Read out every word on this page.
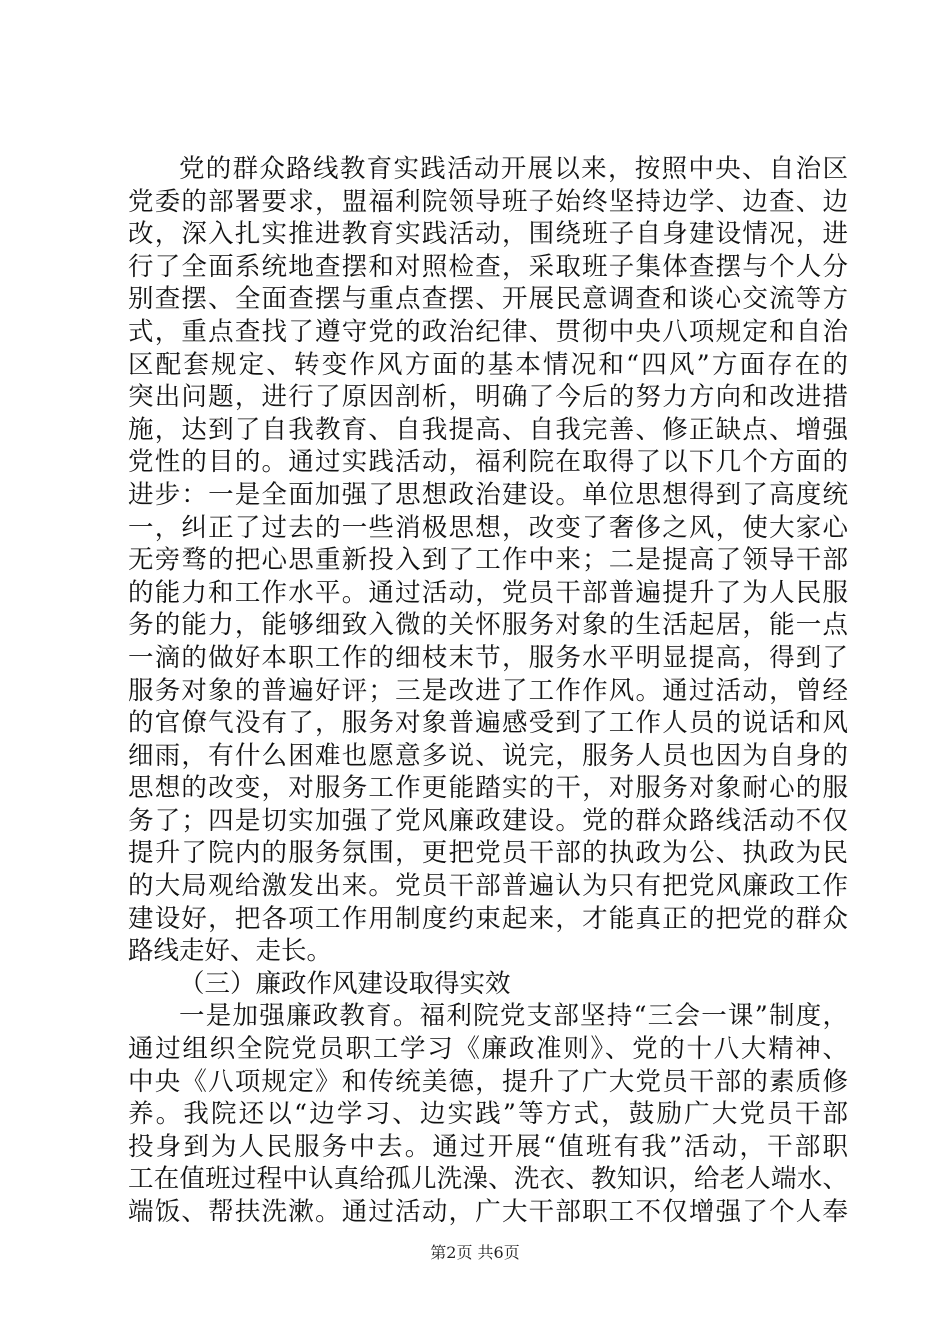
党的群众路线教育实践活动开展以来，按照中央、自治区
党委的部署要求，盟福利院领导班子始终坚持边学、边查、边
改，深入扎实推进教育实践活动，围绕班子自身建设情况，进
行了全面系统地查摆和对照检查，采取班子集体查摆与个人分
别查摆、全面查摆与重点查摆、开展民意调查和谈心交流等方
式，重点查找了遵守党的政治纪律、贯彻中央八项规定和自治
区配套规定、转变作风方面的基本情况和“四风”方面存在的
突出问题，进行了原因剖析，明确了今后的努力方向和改进措
施，达到了自我教育、自我提高、自我完善、修正缺点、增强
党性的目的。通过实践活动，福利院在取得了以下几个方面的
进步：一是全面加强了思想政治建设。单位思想得到了高度统
一，纠正了过去的一些消极思想，改变了奢侈之风，使大家心
无旁骛的把心思重新投入到了工作中来；二是提高了领导干部
的能力和工作水平。通过活动，党员干部普遍提升了为人民服
务的能力，能够细致入微的关怀服务对象的生活起居，能一点
一滴的做好本职工作的细枝末节，服务水平明显提高，得到了
服务对象的普遍好评；三是改进了工作作风。通过活动，曾经
的官僚气没有了，服务对象普遍感受到了工作人员的说话和风
细雨，有什么困难也愿意多说、说完，服务人员也因为自身的
思想的改变，对服务工作更能踏实的干，对服务对象耐心的服
务了；四是切实加强了党风廉政建设。党的群众路线活动不仅
提升了院内的服务氛围，更把党员干部的执政为公、执政为民
的大局观给激发出来。党员干部普遍认为只有把党风廉政工作
建设好，把各项工作用制度约束起来，才能真正的把党的群众
路线走好、走长。
（三）廉政作风建设取得实效
一是加强廉政教育。福利院党支部坚持“三会一课”制度，
通过组织全院党员职工学习《廉政准则》、党的十八大精神、
中央《八项规定》和传统美德，提升了广大党员干部的素质修
养。我院还以“边学习、边实践”等方式，鼓励广大党员干部
投身到为人民服务中去。通过开展“值班有我”活动，干部职
工在值班过程中认真给孤儿洗澡、洗衣、教知识，给老人端水、
端饭、帮扶洗漱。通过活动，广大干部职工不仅增强了个人奉
第2页 共6页
